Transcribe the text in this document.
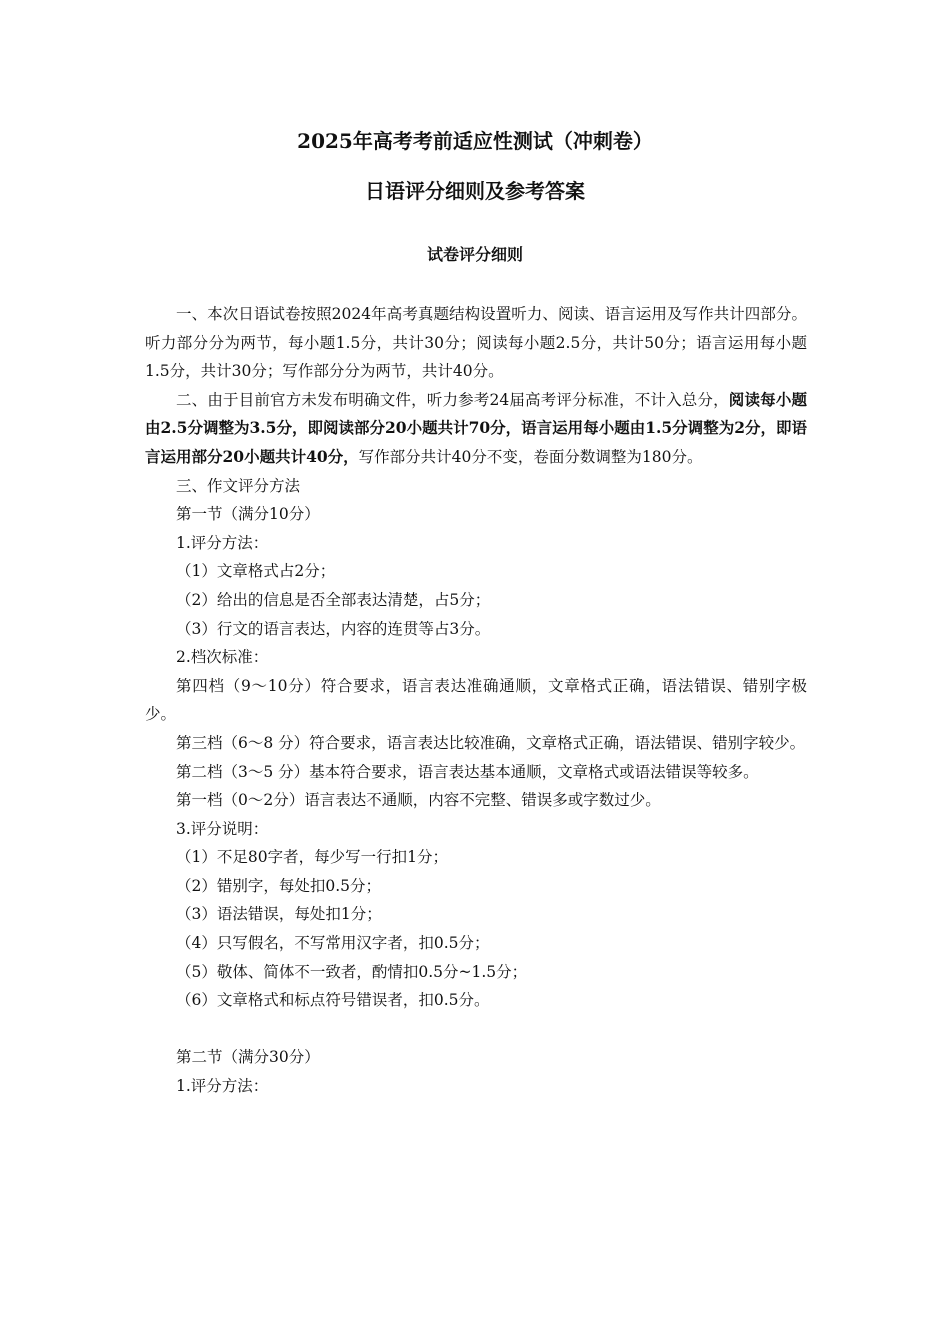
2025年高考考前适应性测试（冲刺卷）
日语评分细则及参考答案
试卷评分细则

一、本次日语试卷按照2024年高考真题结构设置听力、阅读、语言运用及写作共计四部分。听力部分分为两节，每小题1.5分，共计30分；阅读每小题2.5分，共计50分；语言运用每小题1.5分，共计30分；写作部分分为两节，共计40分。

二、由于目前官方未发布明确文件，听力参考24届高考评分标准，不计入总分，阅读每小题由2.5分调整为3.5分，即阅读部分20小题共计70分，语言运用每小题由1.5分调整为2分，即语言运用部分20小题共计40分，写作部分共计40分不变，卷面分数调整为180分。

三、作文评分方法

第一节（满分10分）

1.评分方法：

（1）文章格式占2分；

（2）给出的信息是否全部表达清楚，占5分；

（3）行文的语言表达，内容的连贯等占3分。

2.档次标准：

第四档（9～10分）符合要求，语言表达准确通顺，文章格式正确，语法错误、错别字极少。

第三档（6～8 分）符合要求，语言表达比较准确，文章格式正确，语法错误、错别字较少。

第二档（3～5 分）基本符合要求，语言表达基本通顺，文章格式或语法错误等较多。

第一档（0～2分）语言表达不通顺，内容不完整、错误多或字数过少。

3.评分说明：

（1）不足80字者，每少写一行扣1分；

（2）错别字，每处扣0.5分；

（3）语法错误，每处扣1分；

（4）只写假名，不写常用汉字者，扣0.5分；

（5）敬体、简体不一致者，酌情扣0.5分~1.5分；

（6）文章格式和标点符号错误者，扣0.5分。

第二节（满分30分）

1.评分方法：
